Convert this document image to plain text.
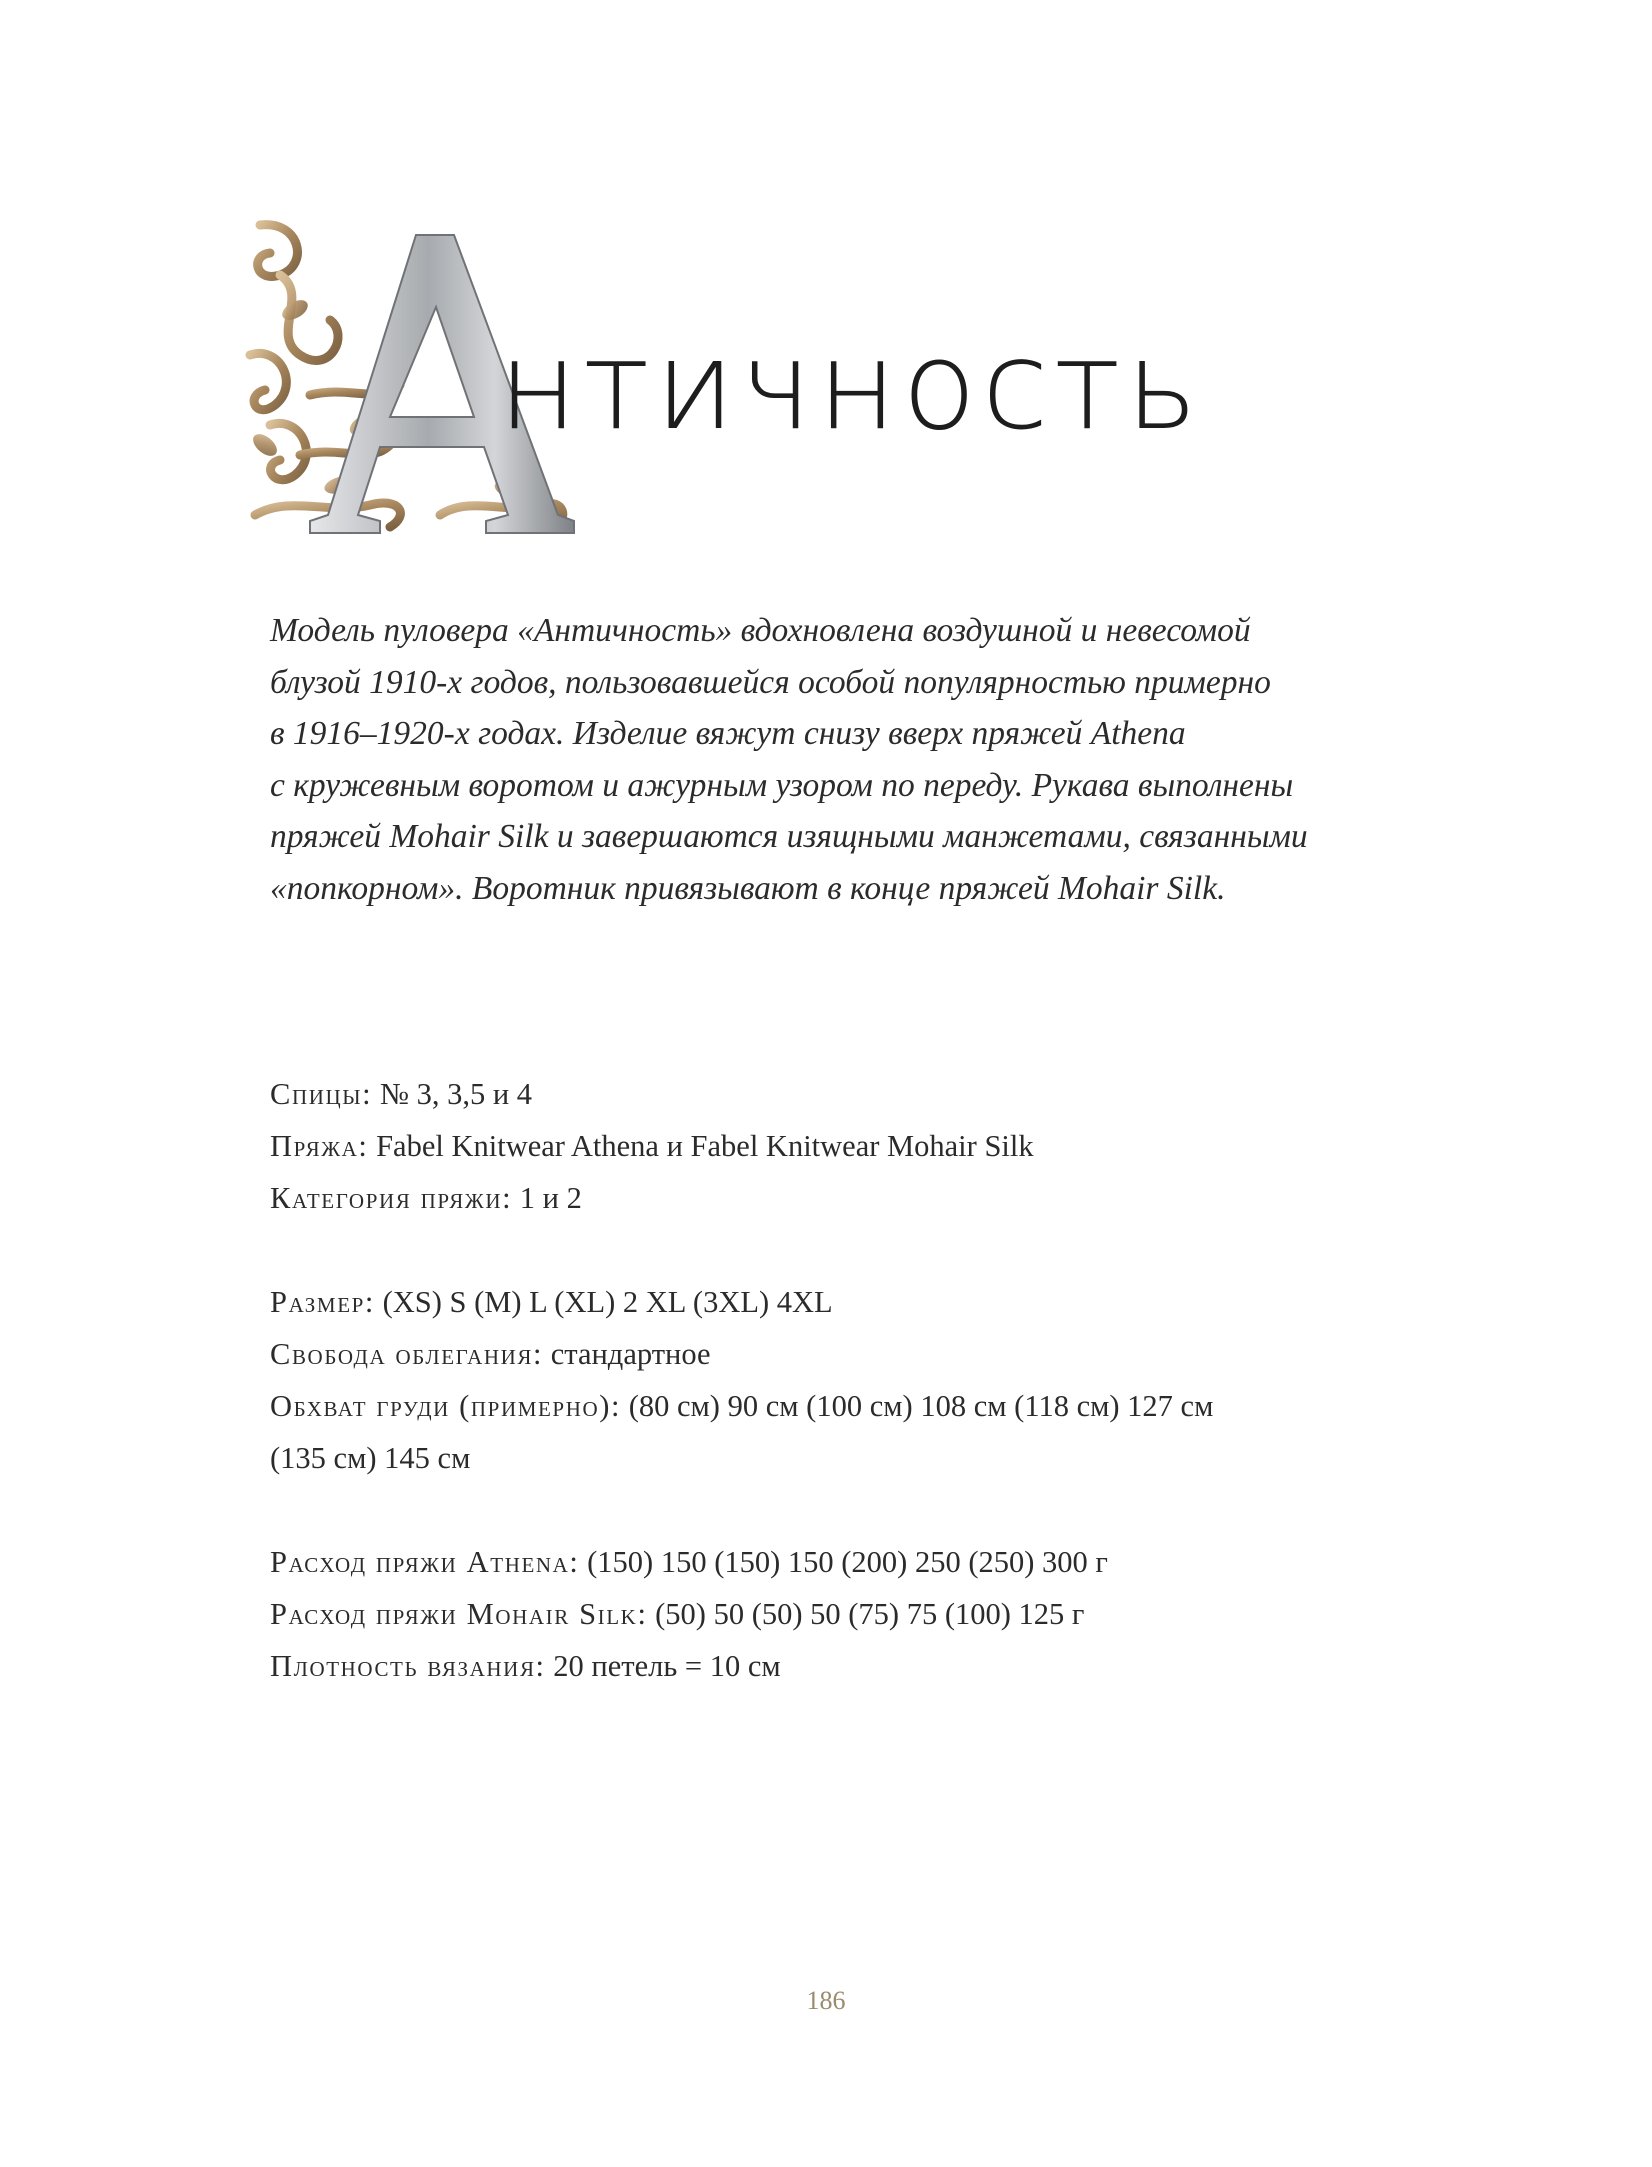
нтичность
Модель пуловера «Античность» вдохновлена воздушной и невесомой
блузой 1910-х годов, пользовавшейся особой популярностью примерно
в 1916–1920-х годах. Изделие вяжут снизу вверх пряжей Athena
с кружевным воротом и ажурным узором по переду. Рукава выполнены
пряжей Mohair Silk и завершаются изящными манжетами, связанными
«попкорном». Воротник привязывают в конце пряжей Mohair Silk.
Спицы: № 3, 3,5 и 4
Пряжа: Fabel Knitwear Athena и Fabel Knitwear Mohair Silk
Категория пряжи: 1 и 2
Размер: (XS) S (M) L (XL) 2 XL (3XL) 4XL
Свобода облегания: стандартное
Обхват груди (примерно): (80 см) 90 см (100 см) 108 см (118 см) 127 см
(135 см) 145 см
Расход пряжи Athena: (150) 150 (150) 150 (200) 250 (250) 300 г
Расход пряжи Mohair Silk: (50) 50 (50) 50 (75) 75 (100) 125 г
Плотность вязания: 20 петель = 10 см
186
